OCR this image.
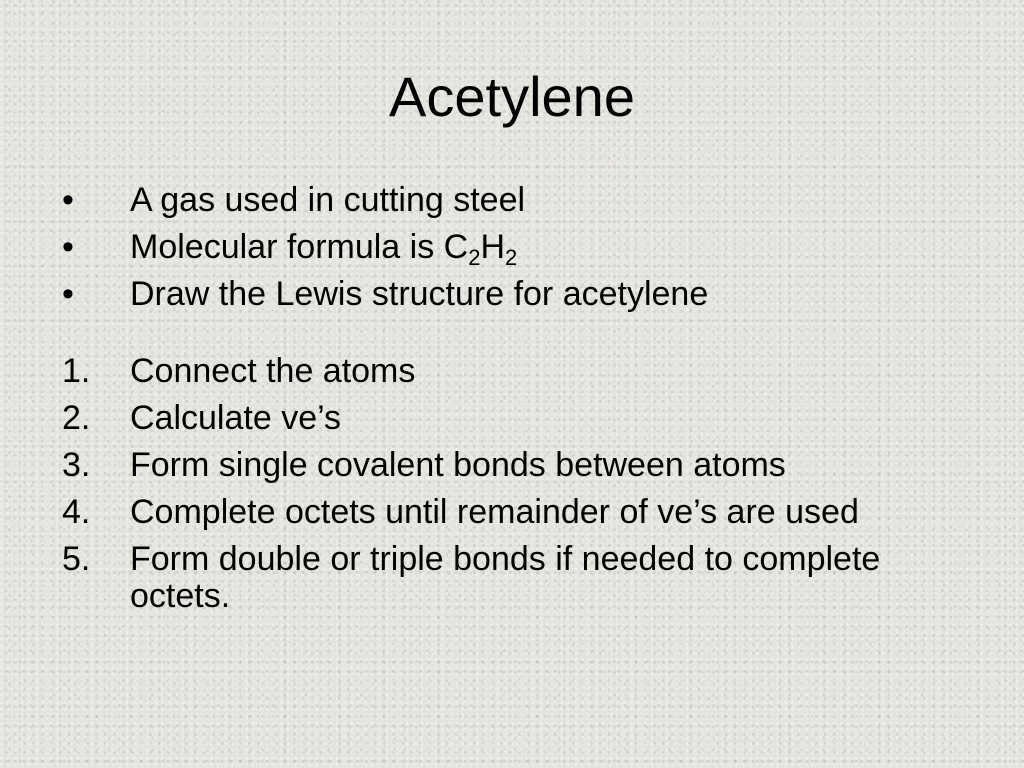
Acetylene
•	A gas used in cutting steel
•	Molecular formula is $C_2H_2$
•	Draw the Lewis structure for acetylene
1.	Connect the atoms
2.	Calculate ve’s
3.	Form single covalent bonds between atoms
4.	Complete octets until remainder of ve’s are used
5.	Form double or triple bonds if needed to complete octets.
